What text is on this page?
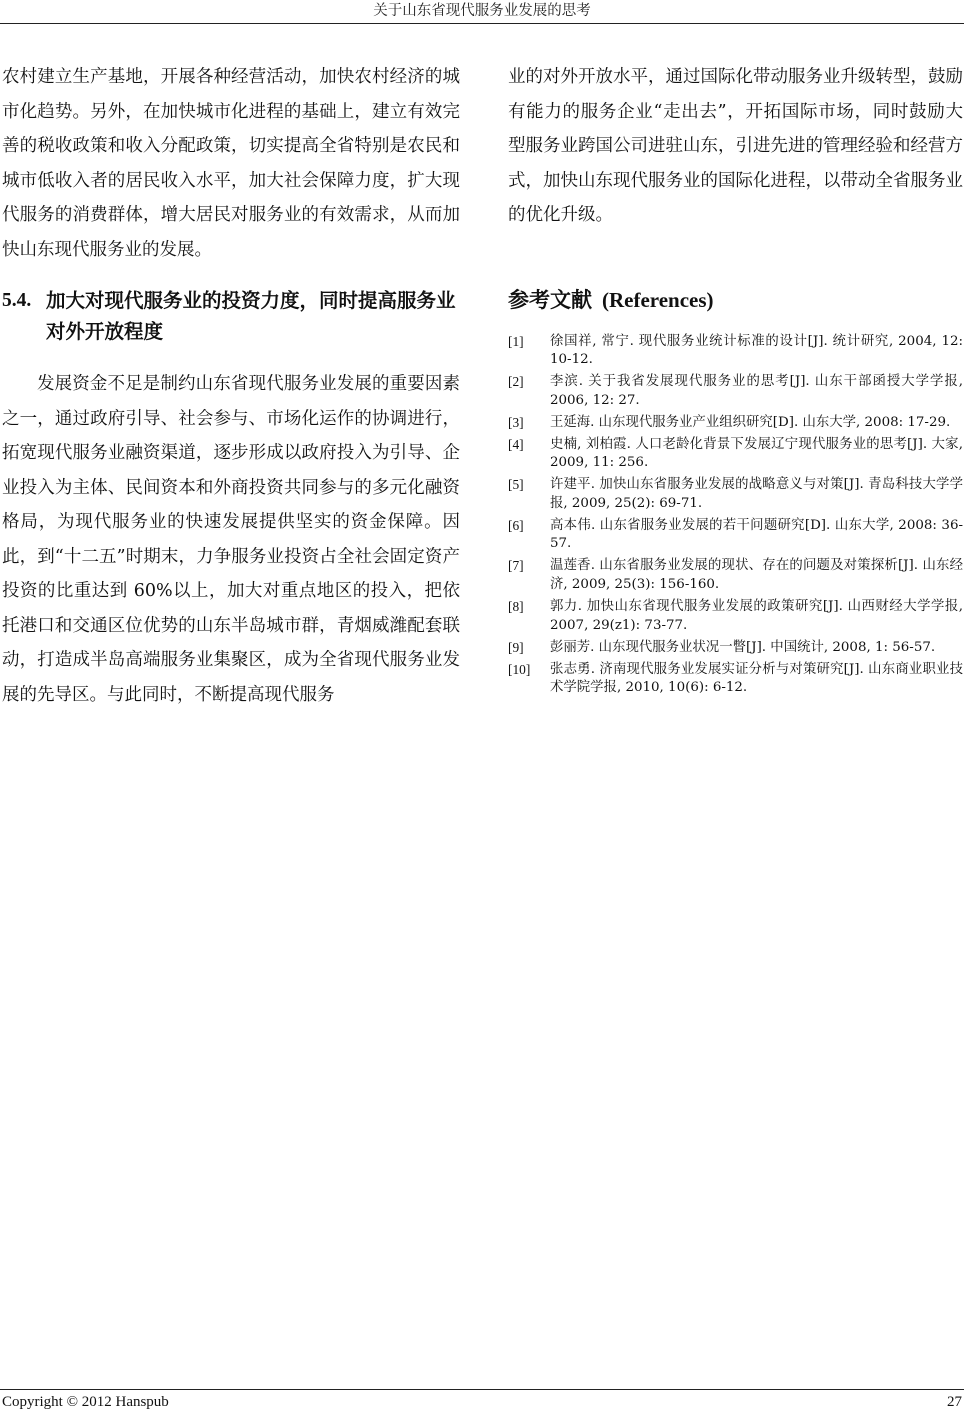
关于山东省现代服务业发展的思考

农村建立生产基地，开展各种经营活动，加快农村经济的城市化趋势。另外，在加快城市化进程的基础上，建立有效完善的税收政策和收入分配政策，切实提高全省特别是农民和城市低收入者的居民收入水平，加大社会保障力度，扩大现代服务的消费群体，增大居民对服务业的有效需求，从而加快山东现代服务业的发展。

5.4. 加大对现代服务业的投资力度，同时提高服务业对外开放程度

发展资金不足是制约山东省现代服务业发展的重要因素之一，通过政府引导、社会参与、市场化运作的协调进行，拓宽现代服务业融资渠道，逐步形成以政府投入为引导、企业投入为主体、民间资本和外商投资共同参与的多元化融资格局，为现代服务业的快速发展提供坚实的资金保障。因此，到“十二五”时期末，力争服务业投资占全社会固定资产投资的比重达到 60%以上，加大对重点地区的投入，把依托港口和交通区位优势的山东半岛城市群，青烟威潍配套联动，打造成半岛高端服务业集聚区，成为全省现代服务业发展的先导区。与此同时，不断提高现代服务

业的对外开放水平，通过国际化带动服务业升级转型，鼓励有能力的服务企业“走出去”，开拓国际市场，同时鼓励大型服务业跨国公司进驻山东，引进先进的管理经验和经营方式，加快山东现代服务业的国际化进程，以带动全省服务业的优化升级。

参考文献 (References)
[1]	徐国祥, 常宁. 现代服务业统计标准的设计[J]. 统计研究, 2004, 12: 10-12.
[2]	李滨. 关于我省发展现代服务业的思考[J]. 山东干部函授大学学报, 2006, 12: 27.
[3]	王延海. 山东现代服务业产业组织研究[D]. 山东大学, 2008: 17-29.
[4]	史楠, 刘柏霞. 人口老龄化背景下发展辽宁现代服务业的思考[J]. 大家, 2009, 11: 256.
[5]	许建平. 加快山东省服务业发展的战略意义与对策[J]. 青岛科技大学学报, 2009, 25(2): 69-71.
[6]	高本伟. 山东省服务业发展的若干问题研究[D]. 山东大学, 2008: 36-57.
[7]	温莲香. 山东省服务业发展的现状、存在的问题及对策探析[J]. 山东经济, 2009, 25(3): 156-160.
[8]	郭力. 加快山东省现代服务业发展的政策研究[J]. 山西财经大学学报, 2007, 29(z1): 73-77.
[9]	彭丽芳. 山东现代服务业状况一瞥[J]. 中国统计, 2008, 1: 56-57.
[10]	张志勇. 济南现代服务业发展实证分析与对策研究[J]. 山东商业职业技术学院学报, 2010, 10(6): 6-12.
Copyright © 2012 Hanspub	27
